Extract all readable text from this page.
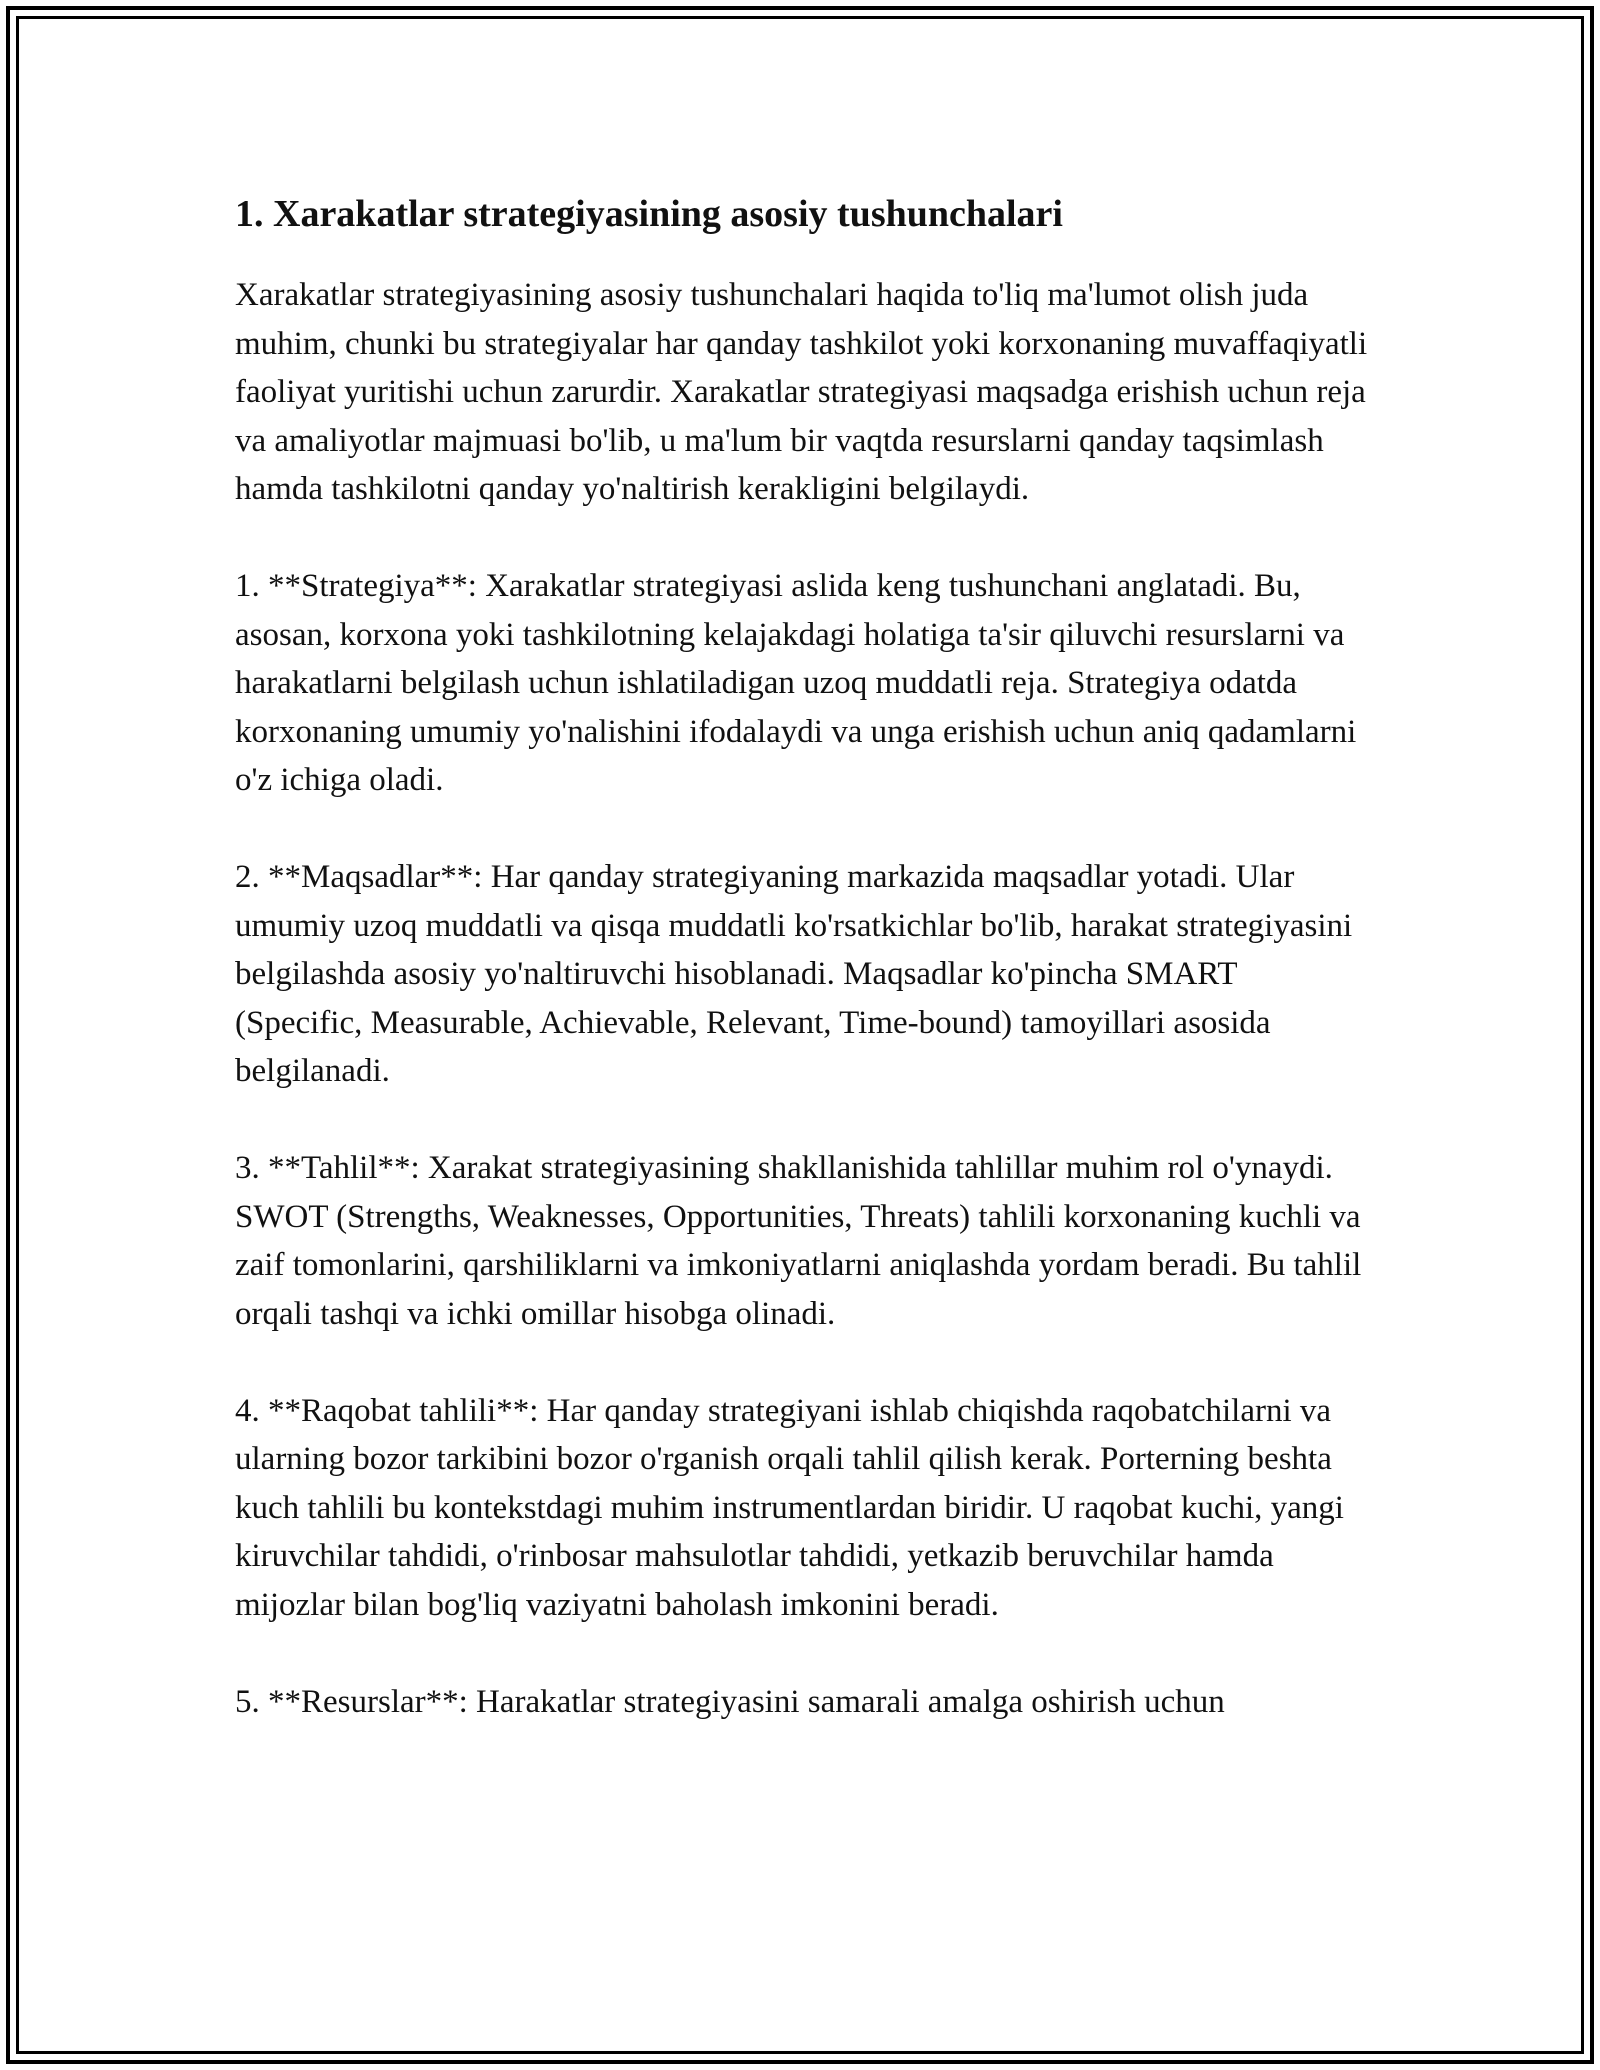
1. Xarakatlar strategiyasining asosiy tushunchalari

Xarakatlar strategiyasining asosiy tushunchalari haqida to'liq ma'lumot olish juda muhim, chunki bu strategiyalar har qanday tashkilot yoki korxonaning muvaffaqiyatli faoliyat yuritishi uchun zarurdir. Xarakatlar strategiyasi maqsadga erishish uchun reja va amaliyotlar majmuasi bo'lib, u ma'lum bir vaqtda resurslarni qanday taqsimlash hamda tashkilotni qanday yo'naltirish kerakligini belgilaydi.

1. **Strategiya**: Xarakatlar strategiyasi aslida keng tushunchani anglatadi. Bu, asosan, korxona yoki tashkilotning kelajakdagi holatiga ta'sir qiluvchi resurslarni va harakatlarni belgilash uchun ishlatiladigan uzoq muddatli reja. Strategiya odatda korxonaning umumiy yo'nalishini ifodalaydi va unga erishish uchun aniq qadamlarni o'z ichiga oladi.

2. **Maqsadlar**: Har qanday strategiyaning markazida maqsadlar yotadi. Ular umumiy uzoq muddatli va qisqa muddatli ko'rsatkichlar bo'lib, harakat strategiyasini belgilashda asosiy yo'naltiruvchi hisoblanadi. Maqsadlar ko'pincha SMART (Specific, Measurable, Achievable, Relevant, Time-bound) tamoyillari asosida belgilanadi.

3. **Tahlil**: Xarakat strategiyasining shakllanishida tahlillar muhim rol o'ynaydi. SWOT (Strengths, Weaknesses, Opportunities, Threats) tahlili korxonaning kuchli va zaif tomonlarini, qarshiliklarni va imkoniyatlarni aniqlashda yordam beradi. Bu tahlil orqali tashqi va ichki omillar hisobga olinadi.

4. **Raqobat tahlili**: Har qanday strategiyani ishlab chiqishda raqobatchilarni va ularning bozor tarkibini bozor o'rganish orqali tahlil qilish kerak. Porterning beshta kuch tahlili bu kontekstdagi muhim instrumentlardan biridir. U raqobat kuchi, yangi kiruvchilar tahdidi, o'rinbosar mahsulotlar tahdidi, yetkazib beruvchilar hamda mijozlar bilan bog'liq vaziyatni baholash imkonini beradi.

5. **Resurslar**: Harakatlar strategiyasini samarali amalga oshirish uchun
